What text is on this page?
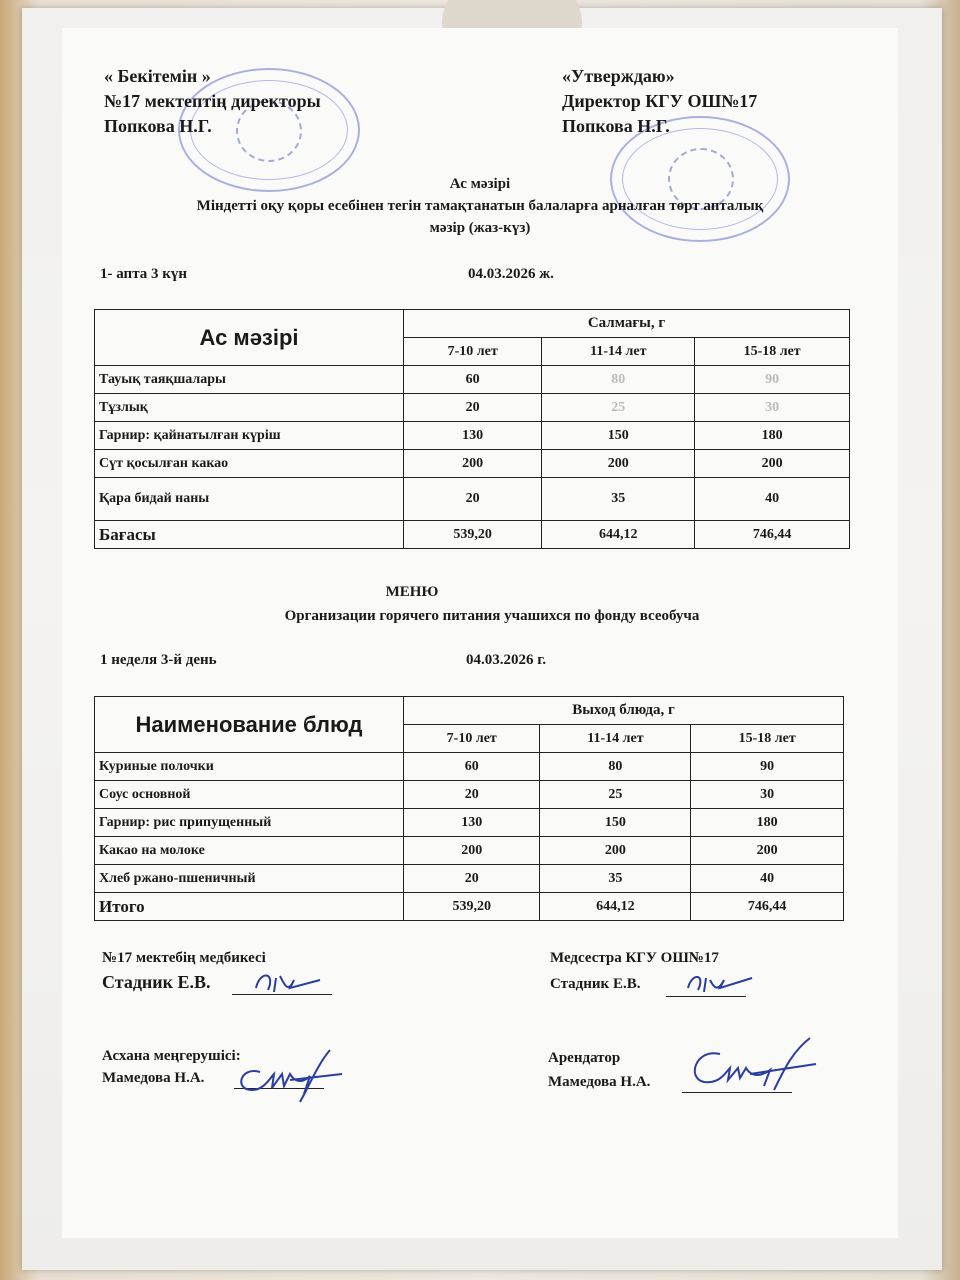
« Бекітемін »
№17 мектептің директоры
Попкова Н.Г.
«Утверждаю»
Директор КГУ ОШ№17
Попкова Н.Г.
Ас мәзірі
Міндетті оқу қоры есебінен тегін тамақтанатын балаларға арналған төрт апталық
мәзір (жаз-күз)
1- апта 3 күн	04.03.2026 ж.
Ас мәзірі	Салмағы, г		
	7-10 лет	11-14 лет	15-18 лет
Тауық таяқшалары	60	80	90
Тұзлық	20	25	30
Гарнир: қайнатылған күріш	130	150	180
Сүт қосылған какао	200	200	200
Қара бидай наны	20	35	40
Бағасы	539,20	644,12	746,44
МЕНЮ
Организации горячего питания учашихся по фонду всеобуча
1 неделя 3-й день	04.03.2026 г.
Наименование блюд	Выход блюда, г		
	7-10 лет	11-14 лет	15-18 лет
Куриные полочки	60	80	90
Соус основной	20	25	30
Гарнир: рис припущенный	130	150	180
Какао на молоке	200	200	200
Хлеб ржано-пшеничный	20	35	40
Итого	539,20	644,12	746,44
№17 мектебің медбикесі
Стадник Е.В.
Медсестра КГУ ОШ№17
Стадник Е.В.
Асхана меңгерушісі:
Мамедова Н.А.
Арендатор
Мамедова Н.А.
